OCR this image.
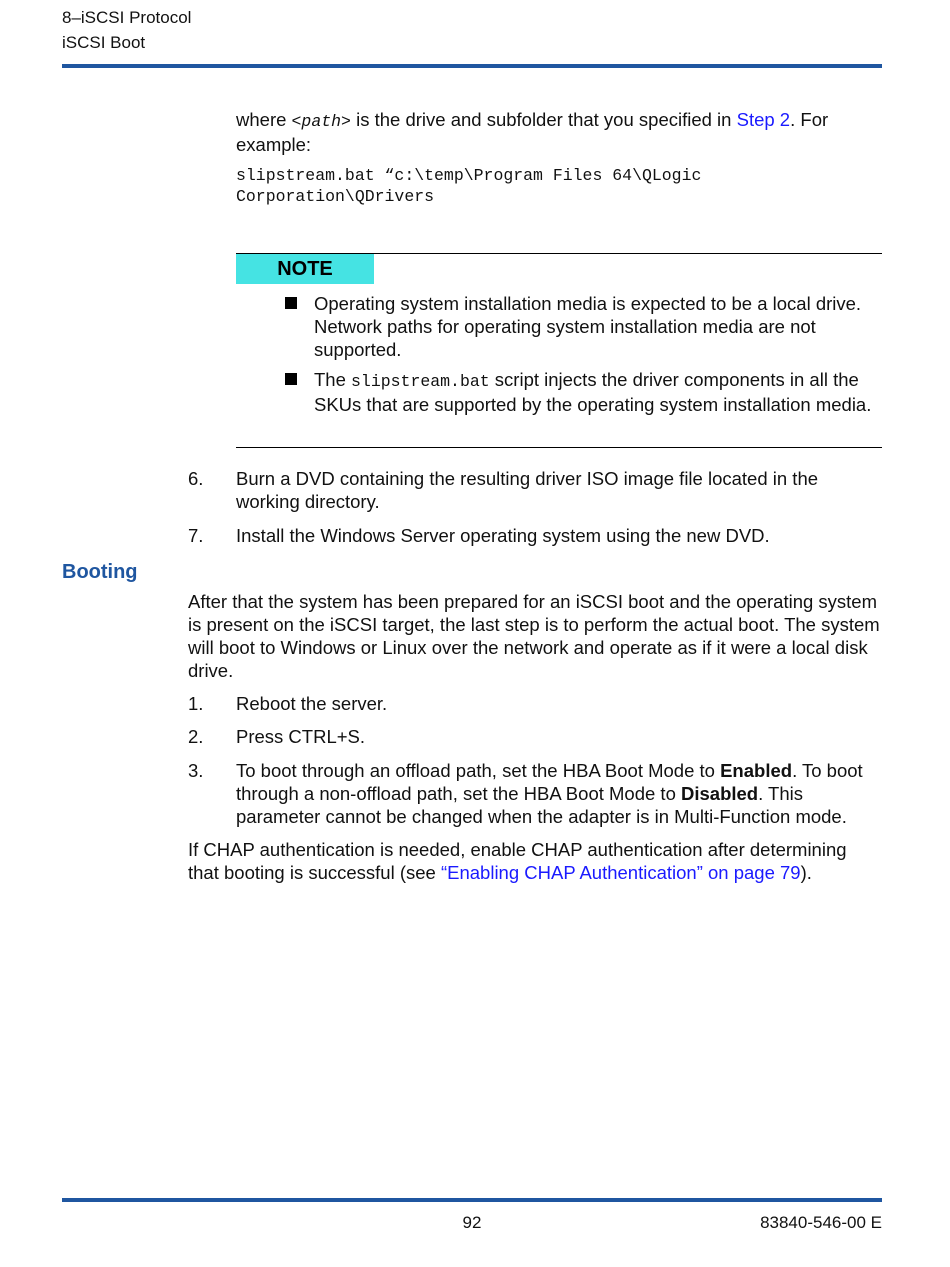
8–iSCSI Protocol
iSCSI Boot
where <path> is the drive and subfolder that you specified in Step 2. For example:
slipstream.bat “c:\temp\Program Files 64\QLogic
Corporation\QDrivers
NOTE
Operating system installation media is expected to be a local drive. Network paths for operating system installation media are not supported.
The slipstream.bat script injects the driver components in all the SKUs that are supported by the operating system installation media.
6.	Burn a DVD containing the resulting driver ISO image file located in the working directory.
7.	Install the Windows Server operating system using the new DVD.
Booting
After that the system has been prepared for an iSCSI boot and the operating system is present on the iSCSI target, the last step is to perform the actual boot. The system will boot to Windows or Linux over the network and operate as if it were a local disk drive.
1.	Reboot the server.
2.	Press CTRL+S.
3.	To boot through an offload path, set the HBA Boot Mode to Enabled. To boot through a non-offload path, set the HBA Boot Mode to Disabled. This parameter cannot be changed when the adapter is in Multi-Function mode.
If CHAP authentication is needed, enable CHAP authentication after determining that booting is successful (see “Enabling CHAP Authentication” on page 79).
92	83840-546-00 E
